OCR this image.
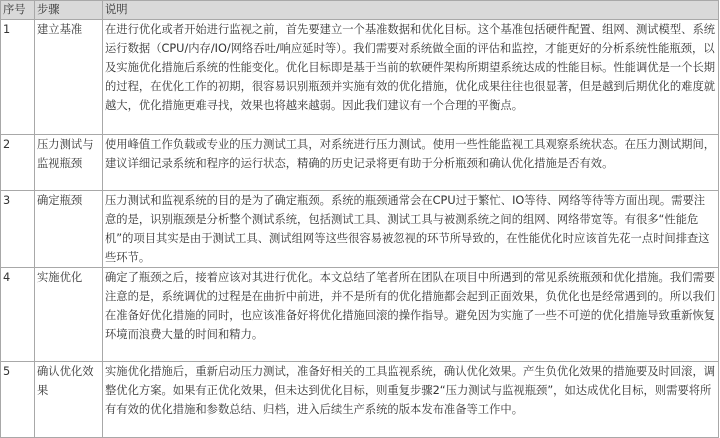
序号	步骤	说明
1	建立基准	在进行优化或者开始进行监视之前，首先要建立一个基准数据和优化目标。这个基准包括硬件配置、组网、测试模型、系统运行数据（CPU/内存/IO/网络吞吐/响应延时等）。我们需要对系统做全面的评估和监控，才能更好的分析系统性能瓶颈，以及实施优化措施后系统的性能变化。优化目标即是基于当前的软硬件架构所期望系统达成的性能目标。性能调优是一个长期的过程，在优化工作的初期，很容易识别瓶颈并实施有效的优化措施，优化成果往往也很显著，但是越到后期优化的难度就越大，优化措施更难寻找，效果也将越来越弱。因此我们建议有一个合理的平衡点。
2	压力测试与监视瓶颈	使用峰值工作负载或专业的压力测试工具，对系统进行压力测试。使用一些性能监视工具观察系统状态。在压力测试期间，建议详细记录系统和程序的运行状态，精确的历史记录将更有助于分析瓶颈和确认优化措施是否有效。
3	确定瓶颈	压力测试和监视系统的目的是为了确定瓶颈。系统的瓶颈通常会在CPU过于繁忙、IO等待、网络等待等方面出现。需要注意的是，识别瓶颈是分析整个测试系统，包括测试工具、测试工具与被测系统之间的组网、网络带宽等。有很多“性能危机”的项目其实是由于测试工具、测试组网等这些很容易被忽视的环节所导致的，在性能优化时应该首先花一点时间排查这些环节。
4	实施优化	确定了瓶颈之后，接着应该对其进行优化。本文总结了笔者所在团队在项目中所遇到的常见系统瓶颈和优化措施。我们需要注意的是，系统调优的过程是在曲折中前进，并不是所有的优化措施都会起到正面效果，负优化也是经常遇到的。所以我们在准备好优化措施的同时，也应该准备好将优化措施回滚的操作指导。避免因为实施了一些不可逆的优化措施导致重新恢复环境而浪费大量的时间和精力。
5	确认优化效果	实施优化措施后，重新启动压力测试，准备好相关的工具监视系统，确认优化效果。产生负优化效果的措施要及时回滚，调整优化方案。如果有正优化效果，但未达到优化目标，则重复步骤2“压力测试与监视瓶颈”，如达成优化目标，则需要将所有有效的优化措施和参数总结、归档，进入后续生产系统的版本发布准备等工作中。
